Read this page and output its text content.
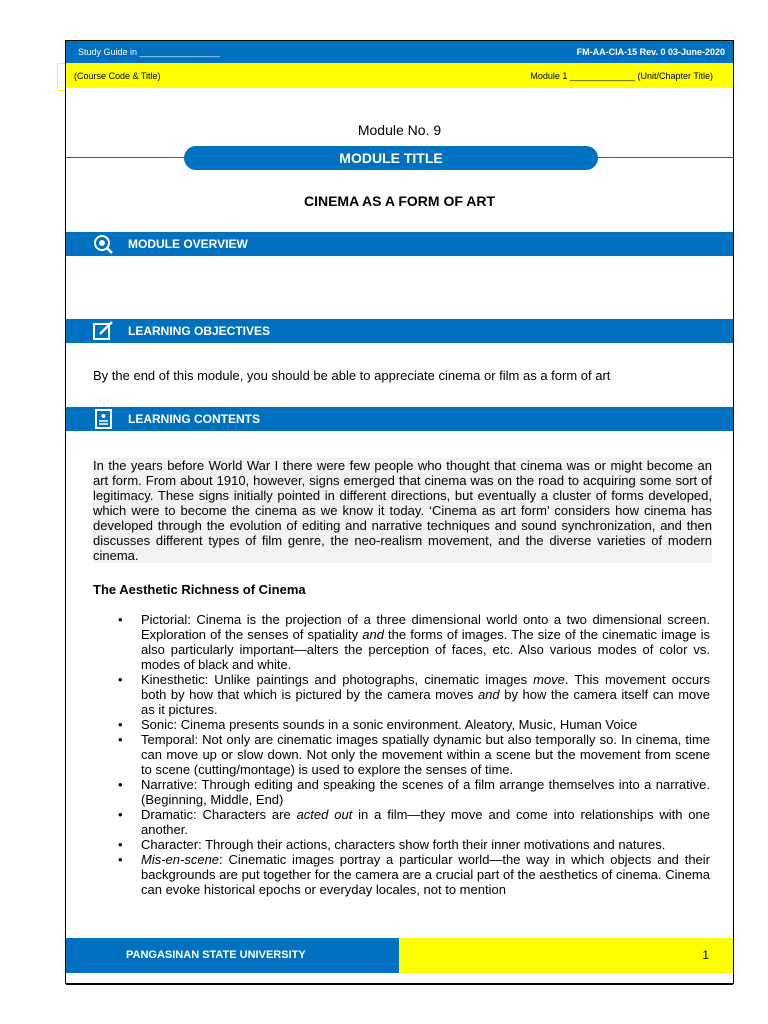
Study Guide in ________________	FM-AA-CIA-15 Rev. 0 03-June-2020
(Course Code & Title)	Module 1 _____________ (Unit/Chapter Title)
Module No. 9
MODULE TITLE
CINEMA AS A FORM OF ART
MODULE OVERVIEW
LEARNING OBJECTIVES
By the end of this module, you should be able to appreciate cinema or film as a form of art
LEARNING CONTENTS
In the years before World War I there were few people who thought that cinema was or might become an art form. From about 1910, however, signs emerged that cinema was on the road to acquiring some sort of legitimacy. These signs initially pointed in different directions, but eventually a cluster of forms developed, which were to become the cinema as we know it today. ‘Cinema as art form’ considers how cinema has developed through the evolution of editing and narrative techniques and sound synchronization, and then discusses different types of film genre, the neo-realism movement, and the diverse varieties of modern cinema.
The Aesthetic Richness of Cinema
• Pictorial: Cinema is the projection of a three dimensional world onto a two dimensional screen. Exploration of the senses of spatiality and the forms of images. The size of the cinematic image is also particularly important—alters the perception of faces, etc. Also various modes of color vs. modes of black and white.
• Kinesthetic: Unlike paintings and photographs, cinematic images move. This movement occurs both by how that which is pictured by the camera moves and by how the camera itself can move as it pictures.
• Sonic: Cinema presents sounds in a sonic environment. Aleatory, Music, Human Voice
• Temporal: Not only are cinematic images spatially dynamic but also temporally so. In cinema, time can move up or slow down. Not only the movement within a scene but the movement from scene to scene (cutting/montage) is used to explore the senses of time.
• Narrative: Through editing and speaking the scenes of a film arrange themselves into a narrative. (Beginning, Middle, End)
• Dramatic: Characters are acted out in a film—they move and come into relationships with one another.
• Character: Through their actions, characters show forth their inner motivations and natures.
• Mis-en-scene: Cinematic images portray a particular world—the way in which objects and their backgrounds are put together for the camera are a crucial part of the aesthetics of cinema. Cinema can evoke historical epochs or everyday locales, not to mention
PANGASINAN STATE UNIVERSITY	1
